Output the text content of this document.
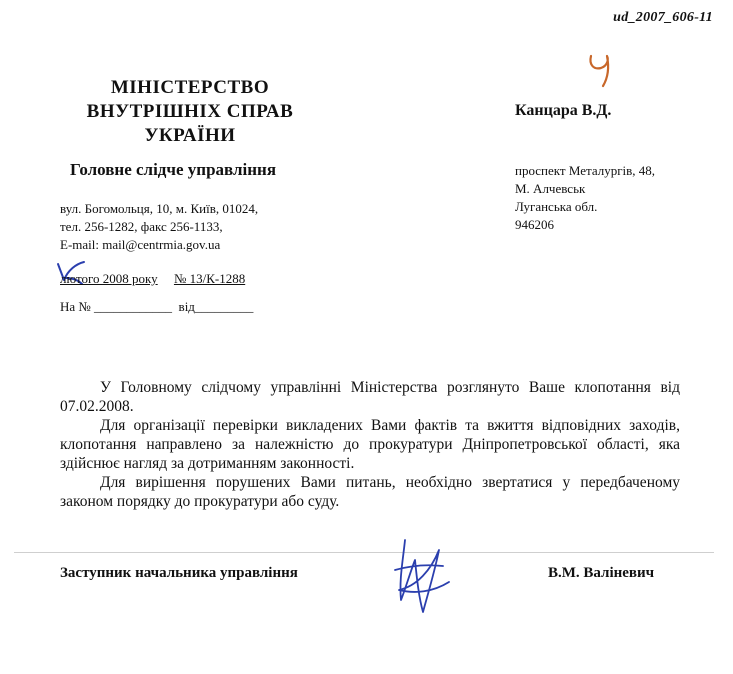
ud_2007_606-11
МІНІСТЕРСТВО
ВНУТРІШНІХ СПРАВ
УКРАЇНИ
Головне слідче управління
вул. Богомольця, 10, м. Київ, 01024,
тел. 256-1282, факс 256-1133,
E-mail: mail@centrmia.gov.ua
лютого 2008 року № 13/К-1288
На № ____________  від_________
Канцара В.Д.
проспект Металургів, 48,
М. Алчевськ
Луганська обл.
946206

У Головному слідчому управлінні Міністерства розглянуто Ваше клопотання від 07.02.2008.

Для організації перевірки викладених Вами фактів та вжиття відповідних заходів, клопотання направлено за належністю до прокуратури Дніпропетровської області, яка здійснює нагляд за дотриманням законності.

Для вирішення порушених Вами питань, необхідно звертатися у передбаченому законом порядку до прокуратури або суду.

Заступник начальника управління	В.М. Валіневич
